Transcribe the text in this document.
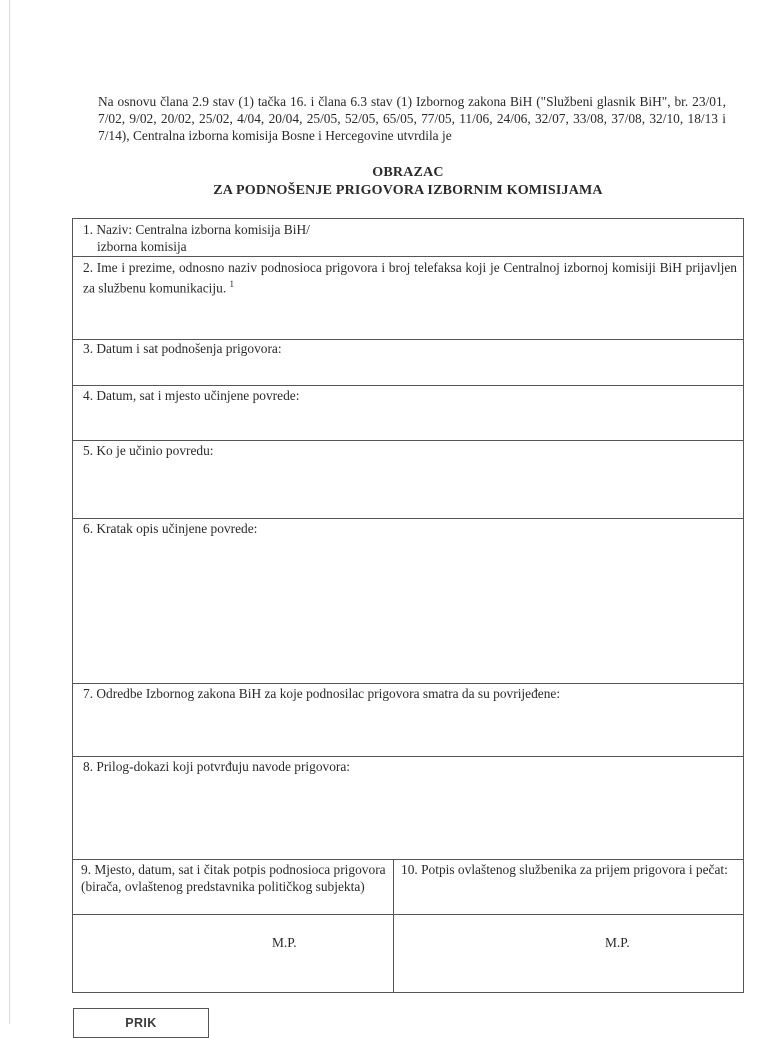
Na osnovu člana 2.9 stav (1) tačka 16. i člana 6.3 stav (1) Izbornog zakona BiH ("Službeni glasnik BiH", br. 23/01, 7/02, 9/02, 20/02, 25/02, 4/04, 20/04, 25/05, 52/05, 65/05, 77/05, 11/06, 24/06, 32/07, 33/08, 37/08, 32/10, 18/13 i 7/14), Centralna izborna komisija Bosne i Hercegovine utvrdila je
OBRAZAC
ZA PODNOŠENJE PRIGOVORA IZBORNIM KOMISIJAMA
1. Naziv: Centralna izborna komisija BiH/
izborna komisija
2. Ime i prezime, odnosno naziv podnosioca prigovora i broj telefaksa koji je Centralnoj izbornoj komisiji BiH prijavljen za službenu komunikaciju. $^1$
3. Datum i sat podnošenja prigovora:
4. Datum, sat i mjesto učinjene povrede:
5. Ko je učinio povredu:
6. Kratak opis učinjene povrede:
7. Odredbe Izbornog zakona BiH za koje podnosilac prigovora smatra da su povrijeđene:
8. Prilog-dokazi koji potvrđuju navode prigovora:
9. Mjesto, datum, sat i čitak potpis podnosioca prigovora (birača, ovlaštenog predstavnika političkog subjekta)
10. Potpis ovlaštenog službenika za prijem prigovora i pečat:
M.P.	M.P.
PRIK
